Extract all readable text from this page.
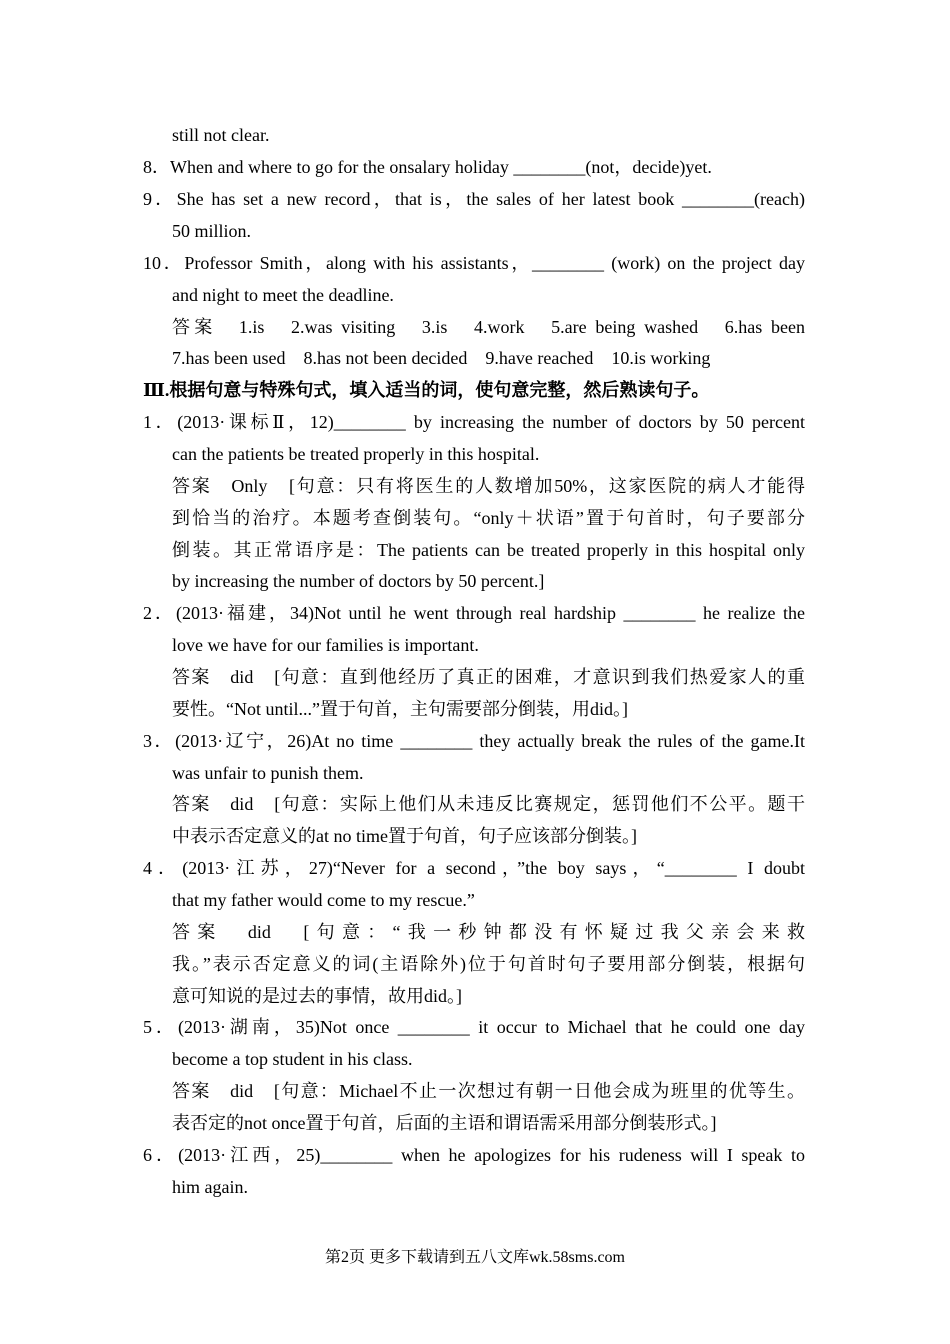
still not clear.
8．When and where to go for the onsalary holiday ________(not，decide)yet.
9．She has set a new record，that is，the sales of her latest book ________(reach)
50 million.
10．Professor Smith，along with his assistants，________ (work) on the project day
and night to meet the deadline.
答案　1.is　2.was visiting　3.is　4.work　5.are being washed　6.has been
7.has been used　8.has not been decided　9.have reached　10.is working
Ⅲ.根据句意与特殊句式，填入适当的词，使句意完整，然后熟读句子。
1．(2013·课标Ⅱ，12)________ by increasing the number of doctors by 50 percent
can the patients be treated properly in this hospital.
答案　Only　[句意：只有将医生的人数增加50%，这家医院的病人才能得
到恰当的治疗。本题考查倒装句。“only＋状语”置于句首时，句子要部分
倒装。其正常语序是：The patients can be treated properly in this hospital only
by increasing the number of doctors by 50 percent.]
2．(2013·福建，34)Not until he went through real hardship ________ he realize the
love we have for our families is important.
答案　did　[句意：直到他经历了真正的困难，才意识到我们热爱家人的重
要性。“Not until...”置于句首，主句需要部分倒装，用did。]
3．(2013·辽宁，26)At no time ________ they actually break the rules of the game.It
was unfair to punish them.
答案　did　[句意：实际上他们从未违反比赛规定，惩罚他们不公平。题干
中表示否定意义的at no time置于句首，句子应该部分倒装。]
4．(2013·江苏，27)“Never for a second，”the boy says，“________ I doubt
that my father would come to my rescue.”
答案　did　[句意：“我一秒钟都没有怀疑过我父亲会来救
我。”表示否定意义的词(主语除外)位于句首时句子要用部分倒装，根据句
意可知说的是过去的事情，故用did。]
5．(2013·湖南，35)Not once ________ it occur to Michael that he could one day
become a top student in his class.
答案　did　[句意：Michael不止一次想过有朝一日他会成为班里的优等生。
表否定的not once置于句首，后面的主语和谓语需采用部分倒装形式。]
6．(2013·江西，25)________ when he apologizes for his rudeness will I speak to
him again.
第2页 更多下载请到五八文库wk.58sms.com
